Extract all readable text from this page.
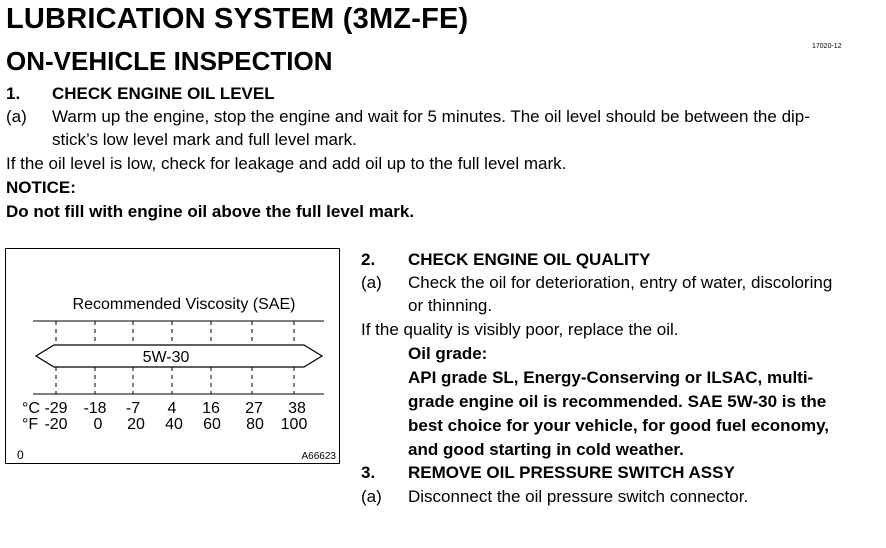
LUBRICATION SYSTEM (3MZ-FE)
ON-VEHICLE INSPECTION	17020-12
1. CHECK ENGINE OIL LEVEL
(a) Warm up the engine, stop the engine and wait for 5 minutes. The oil level should be between the dip-
stick’s low level mark and full level mark.
If the oil level is low, check for leakage and add oil up to the full level mark.
NOTICE:
Do not fill with engine oil above the full level mark.
Recommended Viscosity (SAE)
5W-30
°C
°F
-29 -18 -7 4 16 27 38
-20 0 20 40 60 80 100
0	A66623
2. CHECK ENGINE OIL QUALITY
(a) Check the oil for deterioration, entry of water, discoloring
or thinning.
If the quality is visibly poor, replace the oil.
Oil grade:
API grade SL, Energy-Conserving or ILSAC, multi-
grade engine oil is recommended. SAE 5W-30 is the
best choice for your vehicle, for good fuel economy,
and good starting in cold weather.
3. REMOVE OIL PRESSURE SWITCH ASSY
(a) Disconnect the oil pressure switch connector.
